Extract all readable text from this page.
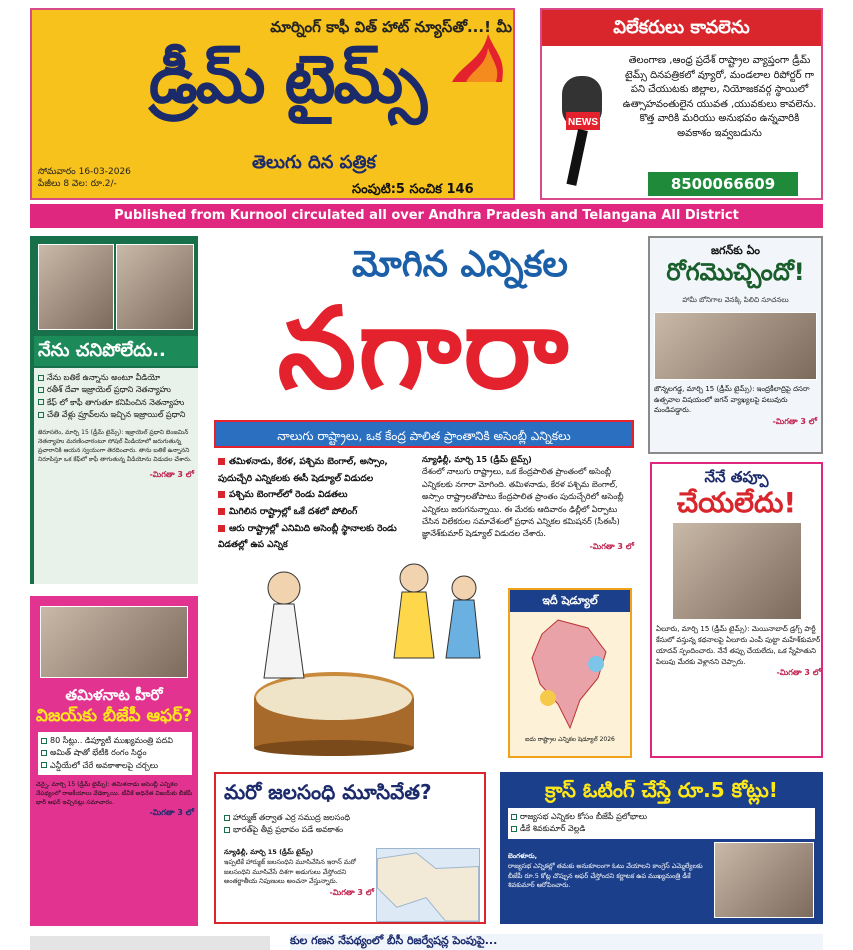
మార్నింగ్ కాఫీ విత్ హాట్ న్యూస్‌తో...! మీ
డ్రీమ్ టైమ్స్
సోమవారం 16-03-2026
పేజీలు 8 వెల: రూ.2/-
తెలుగు దిన పత్రిక
సంపుటి:5 సంచిక 146
విలేకరులు కావలెను
NEWS
తెలంగాణ ,ఆంధ్ర ప్రదేశ్ రాష్ట్రాల వ్యాప్తంగా డ్రీమ్ టైమ్స్ దినపత్రికలో వ్యూరో, మండలాల రిపోర్టర్ గా పని చేయుటకు జిల్లాల, నియోజకవర్గ స్థాయిలో ఉత్సాహవంతులైన యువత ,యువకులు కావలెను. కొత్త వారికి మరియు అనుభవం ఉన్నవారికి అవకాశం ఇవ్వబడును
8500066609
Published from Kurnool circulated all over Andhra Pradesh and Telangana All District
నేను చనిపోలేదు..
నేను బతికే ఉన్నాను అంటూ వీడియో
రతీశ్ దేవా ఇజ్రాయెల్ ప్రధాని నెతన్యాహు
కేఫ్ లో కాఫీ తాగుతూ కనిపించిన నెతన్యాహు
చేతి వేళ్లు ప్రూవ్‌లను ఇచ్చిన ఇజ్రాయిల్ ప్రధాని
జెరూసలెం, మార్చి 15 (డ్రీమ్ టైమ్స్): ఇజ్రాయెల్ ప్రధాని బెంజమిన్ నెతన్యాహు మరణించారంటూ సోషల్ మీడియాలో జరుగుతున్న ప్రచారానికి ఆయన స్వయంగా తెరదించారు. తాను బతికే ఉన్నానని నిరూపిస్తూ ఒక కేఫ్‌లో కాఫీ తాగుతున్న వీడియోను విడుదల చేశారు.
-మిగతా 3 లో
మోగిన ఎన్నికల
నగారా
నాలుగు రాష్ట్రాలు, ఒక కేంద్ర పాలిత ప్రాంతానికి అసెంబ్లీ ఎన్నికలు
తమిళనాడు, కేరళ, పశ్చిమ బెంగాల్, అస్సాం, పుదుచ్చేరి ఎన్నికలకు ఈసీ షెడ్యూల్ విడుదల
పశ్చిమ బెంగాల్‌లో రెండు విడతలు
మిగిలిన రాష్ట్రాల్లో ఒకే దశలో పోలింగ్
ఆరు రాష్ట్రాల్లో ఎనిమిది అసెంబ్లీ స్థానాలకు రెండు విడతల్లో ఉప ఎన్నిక
న్యూఢిల్లీ, మార్చి 15 (డ్రీమ్ టైమ్స్)
దేశంలో నాలుగు రాష్ట్రాలు, ఒక కేంద్రపాలిత ప్రాంతంలో అసెంబ్లీ ఎన్నికలకు నగారా మోగింది. తమిళనాడు, కేరళ పశ్చిమ బెంగాల్, అస్సాం రాష్ట్రాలతోపాటు కేంద్రపాలిత ప్రాంతం పుదుచ్చేరిలో అసెంబ్లీ ఎన్నికలు జరుగనున్నాయి. ఈ మేరకు ఆదివారం ఢిల్లీలో ఏర్పాటు చేసిన విలేకరుల సమావేశంలో ప్రధాన ఎన్నికల కమిషనర్ (సీఈసీ) జ్ఞానేశ్‌కుమార్ షెడ్యూల్ విడుదల చేశారు.
-మిగతా 3 లో
ఇదీ షెడ్యూల్
ఐదు రాష్ట్రాల ఎన్నికల షెడ్యూల్ 2026
జగన్‌కు ఏం
రోగమొచ్చిందో!
హామీ బోనిగాల వెనక్కి పిలిచి సూచనలు
జొన్నలగడ్డ, మార్చి 15 (డ్రీమ్ టైమ్స్): ఇంద్రకీలాద్రిపై దసరా ఉత్సవాల విషయంలో జగన్ వ్యాఖ్యలపై పలువురు మండిపడ్డారు.
-మిగతా 3 లో
నేనే తప్పూ
చేయలేదు!
ఏలూరు, మార్చి 15 (డ్రీమ్ టైమ్స్): మెయినాబాద్ డ్రగ్స్ పార్టీ కేసులో వస్తున్న కథనాలపై ఏలూరు ఎంపీ పుట్టా మహేశ్‌కుమార్ యాదవ్ స్పందించారు. నేనే తప్పు చేయలేదు, ఒక స్నేహితుని పిలుపు మేరకు వెళ్లానని చెప్పారు.
-మిగతా 3 లో
తమిళనాట హీరో
విజయ్‌కు బీజేపీ ఆఫర్?
80 సీట్లు.. డిప్యూటీ ముఖ్యమంత్రి పదవి
అమిత్ షాతో భేటీకి రంగం సిద్ధం
ఎన్డీయేలో చేరే అవకాశాలపై చర్చలు
చెన్నై, మార్చి 15 (డ్రీమ్ టైమ్స్): తమిళనాడు అసెంబ్లీ ఎన్నికల నేపథ్యంలో రాజకీయాలు వేడెక్కాయి. టీవీకే అధినేత విజయ్‌కు బీజేపీ భారీ ఆఫర్ ఇచ్చినట్లు సమాచారం.
-మిగతా 3 లో
మరో జలసంధి మూసివేత?
హార్ముజ్ తర్వాత ఎర్ర సముద్ర జలసంధి
భారత్‌పై తీవ్ర ప్రభావం పడే అవకాశం
న్యూఢిల్లీ, మార్చి 15 (డ్రీమ్ టైమ్స్)
ఇప్పటికే హార్ముజ్ జలసంధిని మూసివేసిన ఇరాన్ మరో జలసంధిని మూసివేసే దిశగా అడుగులు వేస్తోందని అంతర్జాతీయ నిపుణులు అంచనా వేస్తున్నారు.
-మిగతా 3 లో
క్రాస్ ఓటింగ్ చేస్తే రూ.5 కోట్లు!
రాజ్యసభ ఎన్నికల కోసం బీజేపీ ప్రలోభాలు
డీకే శివకుమార్ వెల్లడి
బెంగళూరు,
రాజ్యసభ ఎన్నికల్లో తమకు అనుకూలంగా ఓటు వేయాలని కాంగ్రెస్ ఎమ్మెల్యేలకు బీజేపీ రూ.5 కోట్ల చొప్పున ఆఫర్ చేస్తోందని కర్ణాటక ఉప ముఖ్యమంత్రి డీకే శివకుమార్ ఆరోపించారు.
కుల గణన నేపథ్యంలో బీసీ రిజర్వేషన్ల పెంపుపై...
